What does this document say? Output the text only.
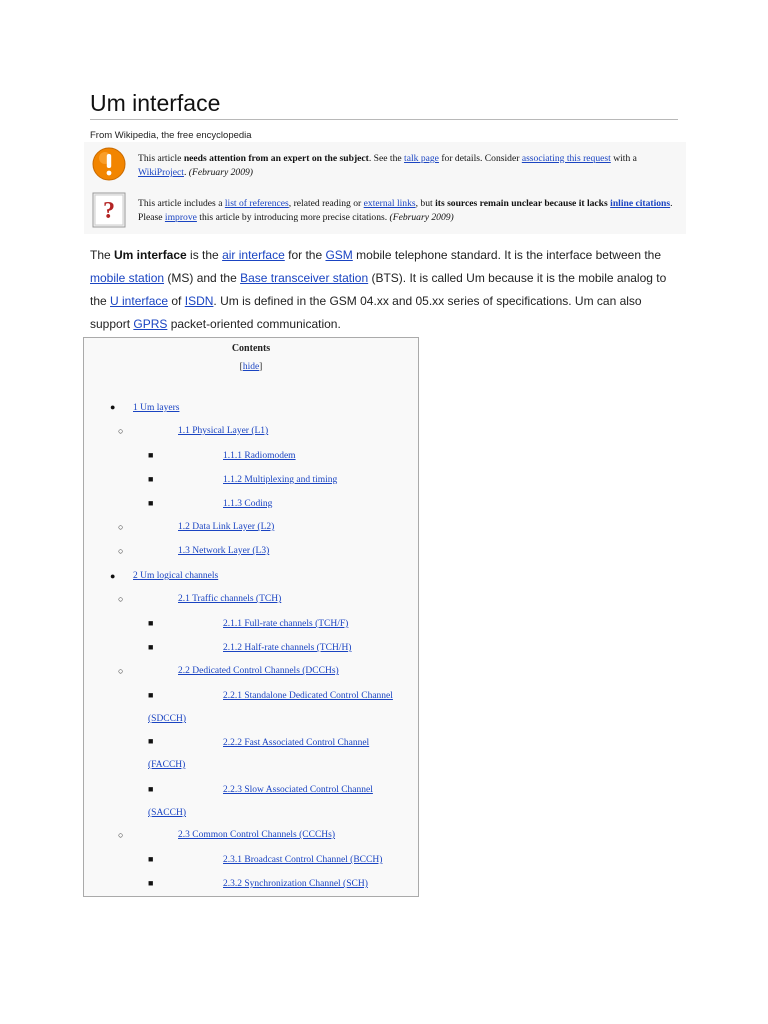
Um interface
From Wikipedia, the free encyclopedia
This article needs attention from an expert on the subject. See the talk page for details. Consider associating this request with a WikiProject. (February 2009)
? This article includes a list of references, related reading or external links, but its sources remain unclear because it lacks inline citations. Please improve this article by introducing more precise citations. (February 2009)
The Um interface is the air interface for the GSM mobile telephone standard. It is the interface between the mobile station (MS) and the Base transceiver station (BTS). It is called Um because it is the mobile analog to the U interface of ISDN. Um is defined in the GSM 04.xx and 05.xx series of specifications. Um can also support GPRS packet-oriented communication.
Contents
[hide]
● 1 Um layers
○	1.1 Physical Layer (L1)
■	1.1.1 Radiomodem
■	1.1.2 Multiplexing and timing
■	1.1.3 Coding
○	1.2 Data Link Layer (L2)
○	1.3 Network Layer (L3)
● 2 Um logical channels
○	2.1 Traffic channels (TCH)
■	2.1.1 Full-rate channels (TCH/F)
■	2.1.2 Half-rate channels (TCH/H)
○	2.2 Dedicated Control Channels (DCCHs)
■	2.2.1 Standalone Dedicated Control Channel
(SDCCH)
■	2.2.2 Fast Associated Control Channel
(FACCH)
■	2.2.3 Slow Associated Control Channel
(SACCH)
○	2.3 Common Control Channels (CCCHs)
■	2.3.1 Broadcast Control Channel (BCCH)
■	2.3.2 Synchronization Channel (SCH)
